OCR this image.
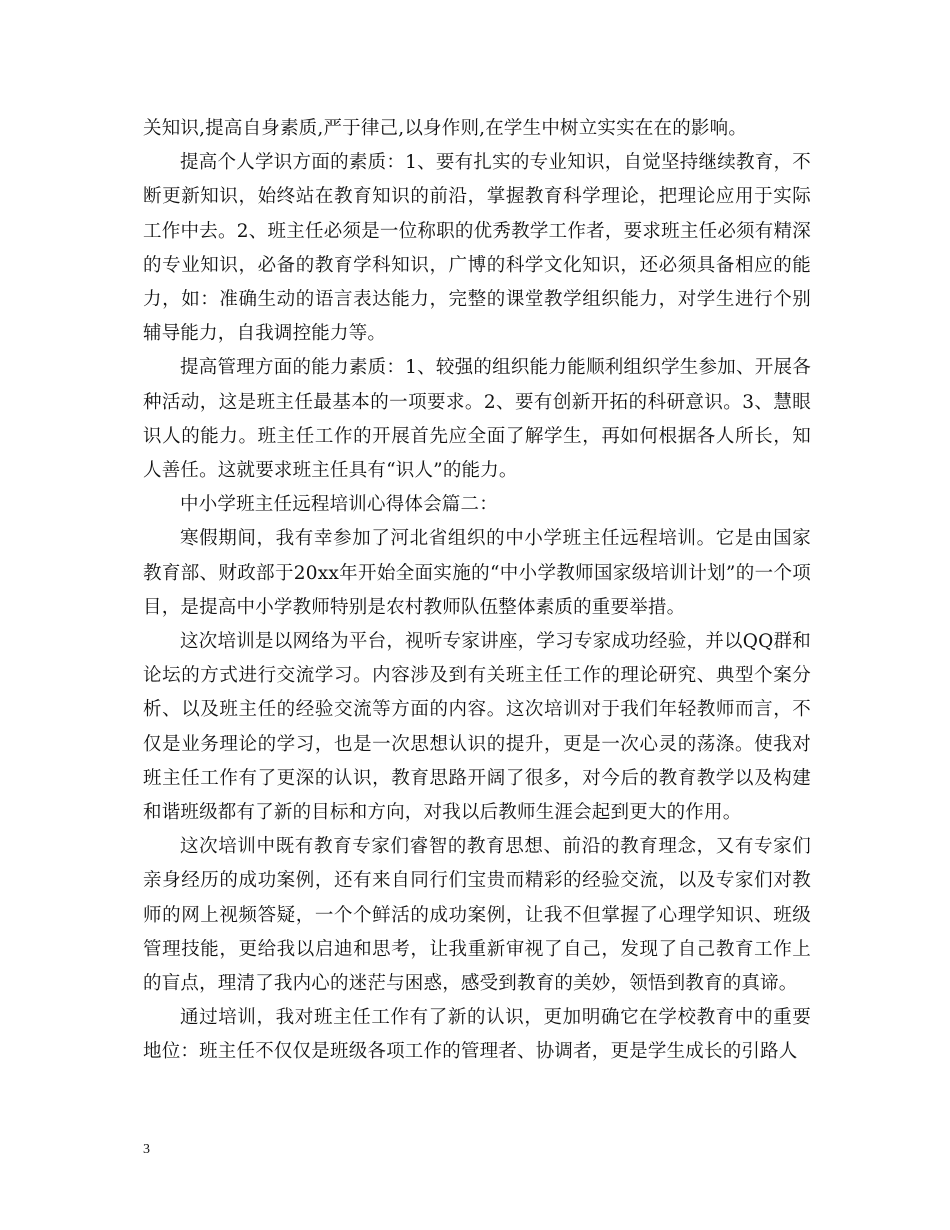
关知识,提高自身素质,严于律己,以身作则,在学生中树立实实在在的影响。

提高个人学识方面的素质：1、要有扎实的专业知识，自觉坚持继续教育，不断更新知识，始终站在教育知识的前沿，掌握教育科学理论，把理论应用于实际工作中去。2、班主任必须是一位称职的优秀教学工作者，要求班主任必须有精深的专业知识，必备的教育学科知识，广博的科学文化知识，还必须具备相应的能力，如：准确生动的语言表达能力，完整的课堂教学组织能力，对学生进行个别辅导能力，自我调控能力等。

提高管理方面的能力素质：1、较强的组织能力能顺利组织学生参加、开展各种活动，这是班主任最基本的一项要求。2、要有创新开拓的科研意识。3、慧眼识人的能力。班主任工作的开展首先应全面了解学生，再如何根据各人所长，知人善任。这就要求班主任具有“识人”的能力。

中小学班主任远程培训心得体会篇二：

寒假期间，我有幸参加了河北省组织的中小学班主任远程培训。它是由国家教育部、财政部于20xx年开始全面实施的“中小学教师国家级培训计划”的一个项目，是提高中小学教师特别是农村教师队伍整体素质的重要举措。

这次培训是以网络为平台，视听专家讲座，学习专家成功经验，并以QQ群和论坛的方式进行交流学习。内容涉及到有关班主任工作的理论研究、典型个案分析、以及班主任的经验交流等方面的内容。这次培训对于我们年轻教师而言，不仅是业务理论的学习，也是一次思想认识的提升，更是一次心灵的荡涤。使我对班主任工作有了更深的认识，教育思路开阔了很多，对今后的教育教学以及构建和谐班级都有了新的目标和方向，对我以后教师生涯会起到更大的作用。

这次培训中既有教育专家们睿智的教育思想、前沿的教育理念，又有专家们亲身经历的成功案例，还有来自同行们宝贵而精彩的经验交流，以及专家们对教师的网上视频答疑，一个个鲜活的成功案例，让我不但掌握了心理学知识、班级管理技能，更给我以启迪和思考，让我重新审视了自己，发现了自己教育工作上的盲点，理清了我内心的迷茫与困惑，感受到教育的美妙，领悟到教育的真谛。

通过培训，我对班主任工作有了新的认识，更加明确它在学校教育中的重要地位：班主任不仅仅是班级各项工作的管理者、协调者，更是学生成长的引路人

3
